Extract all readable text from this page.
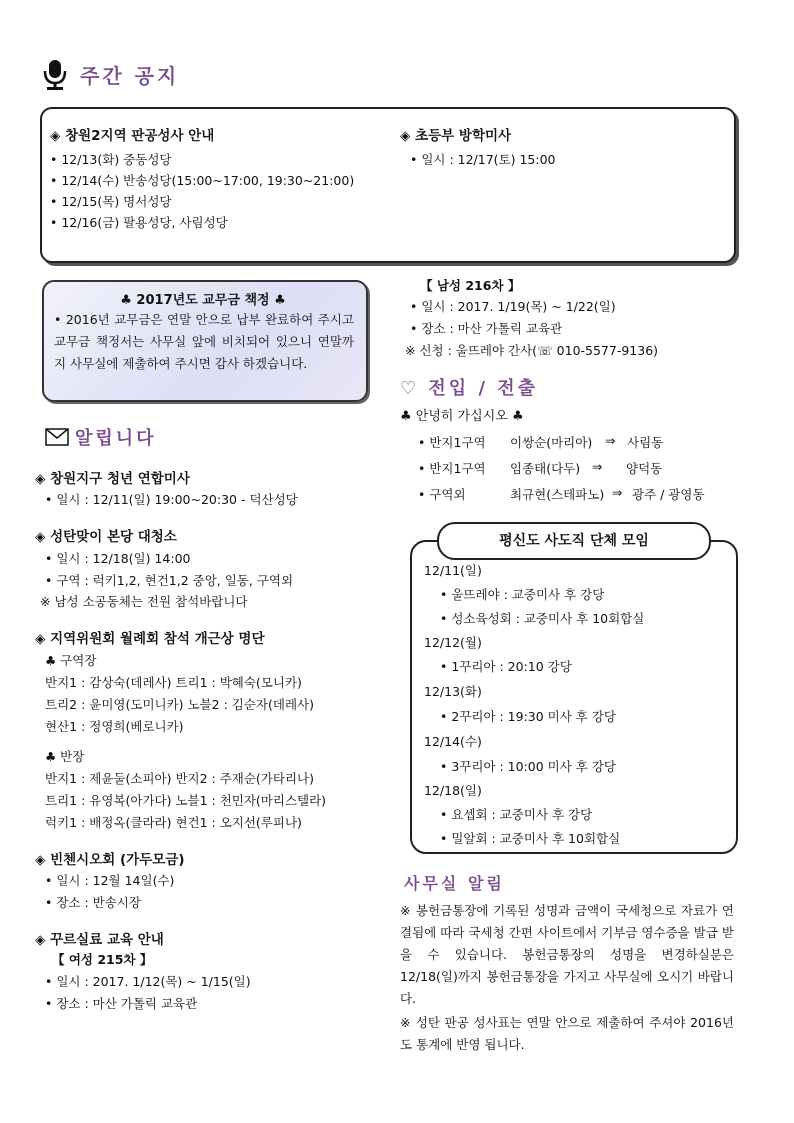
주간 공지
◈ 창원2지역 판공성사 안내
• 12/13(화) 중동성당
• 12/14(수) 반송성당(15:00~17:00, 19:30~21:00)
• 12/15(목) 명서성당
• 12/16(금) 팔용성당, 사림성당
◈ 초등부 방학미사
• 일시 : 12/17(토) 15:00
♣ 2017년도 교무금 책정 ♣
• 2016년 교무금은 연말 안으로 납부 완료하여 주시고 교무금 책정서는 사무실 앞에 비치되어 있으니 연말까지 사무실에 제출하여 주시면 감사 하겠습니다.
【 남성 216차 】
• 일시 : 2017. 1/19(목) ~ 1/22(일)
• 장소 : 마산 가톨릭 교육관
※ 신청 : 울뜨레야 간사(☏ 010-5577-9136)
♡ 전입 / 전출
♣ 안녕히 가십시오 ♣
• 반지1구역 이쌍순(마리아) ⇒ 사림동
• 반지1구역 임종태(다두) ⇒ 양덕동
• 구역외	최규현(스테파노) ⇒ 광주 / 광영동
평신도 사도직 단체 모임
12/11(일)
• 울뜨레야 : 교중미사 후 강당
• 성소육성회 : 교중미사 후 10회합실
12/12(월)
• 1꾸리아 : 20:10 강당
12/13(화)
• 2꾸리아 : 19:30 미사 후 강당
12/14(수)
• 3꾸리아 : 10:00 미사 후 강당
12/18(일)
• 요셉회 : 교중미사 후 강당
• 밀알회 : 교중미사 후 10회합실
사무실 알림
※ 봉헌금통장에 기록된 성명과 금액이 국세청으로 자료가 연결됨에 따라 국세청 간편 사이트에서 기부금 영수증을 발급 받을 수 있습니다. 봉헌금통장의 성명을 변경하실분은 12/18(일)까지 봉헌금통장을 가지고 사무실에 오시기 바랍니다.
※ 성탄 판공 성사표는 연말 안으로 제출하여 주셔야 2016년도 통계에 반영 됩니다.
알립니다
◈ 창원지구 청년 연합미사
• 일시 : 12/11(일) 19:00~20:30 - 덕산성당
◈ 성탄맞이 본당 대청소
• 일시 : 12/18(일) 14:00
• 구역 : 럭키1,2, 현건1,2 중앙, 일동, 구역외
※ 남성 소공동체는 전원 참석바랍니다
◈ 지역위원회 월례회 참석 개근상 명단
♣ 구역장
반지1 : 감상숙(데레사) 트리1 : 박혜숙(모니카)
트리2 : 윤미영(도미니카) 노블2 : 김순자(데레사)
현산1 : 정영희(베로니카)
♣ 반장
반지1 : 제윤둘(소피아) 반지2 : 주재순(가타리나)
트리1 : 유영복(아가다) 노블1 : 천민자(마리스텔라)
럭키1 : 배정옥(클라라) 현건1 : 오지선(루피나)
◈ 빈첸시오회 (가두모금)
• 일시 : 12월 14일(수)
• 장소 : 반송시장
◈ 꾸르실료 교육 안내
【 여성 215차 】
• 일시 : 2017. 1/12(목) ~ 1/15(일)
• 장소 : 마산 가톨릭 교육관
